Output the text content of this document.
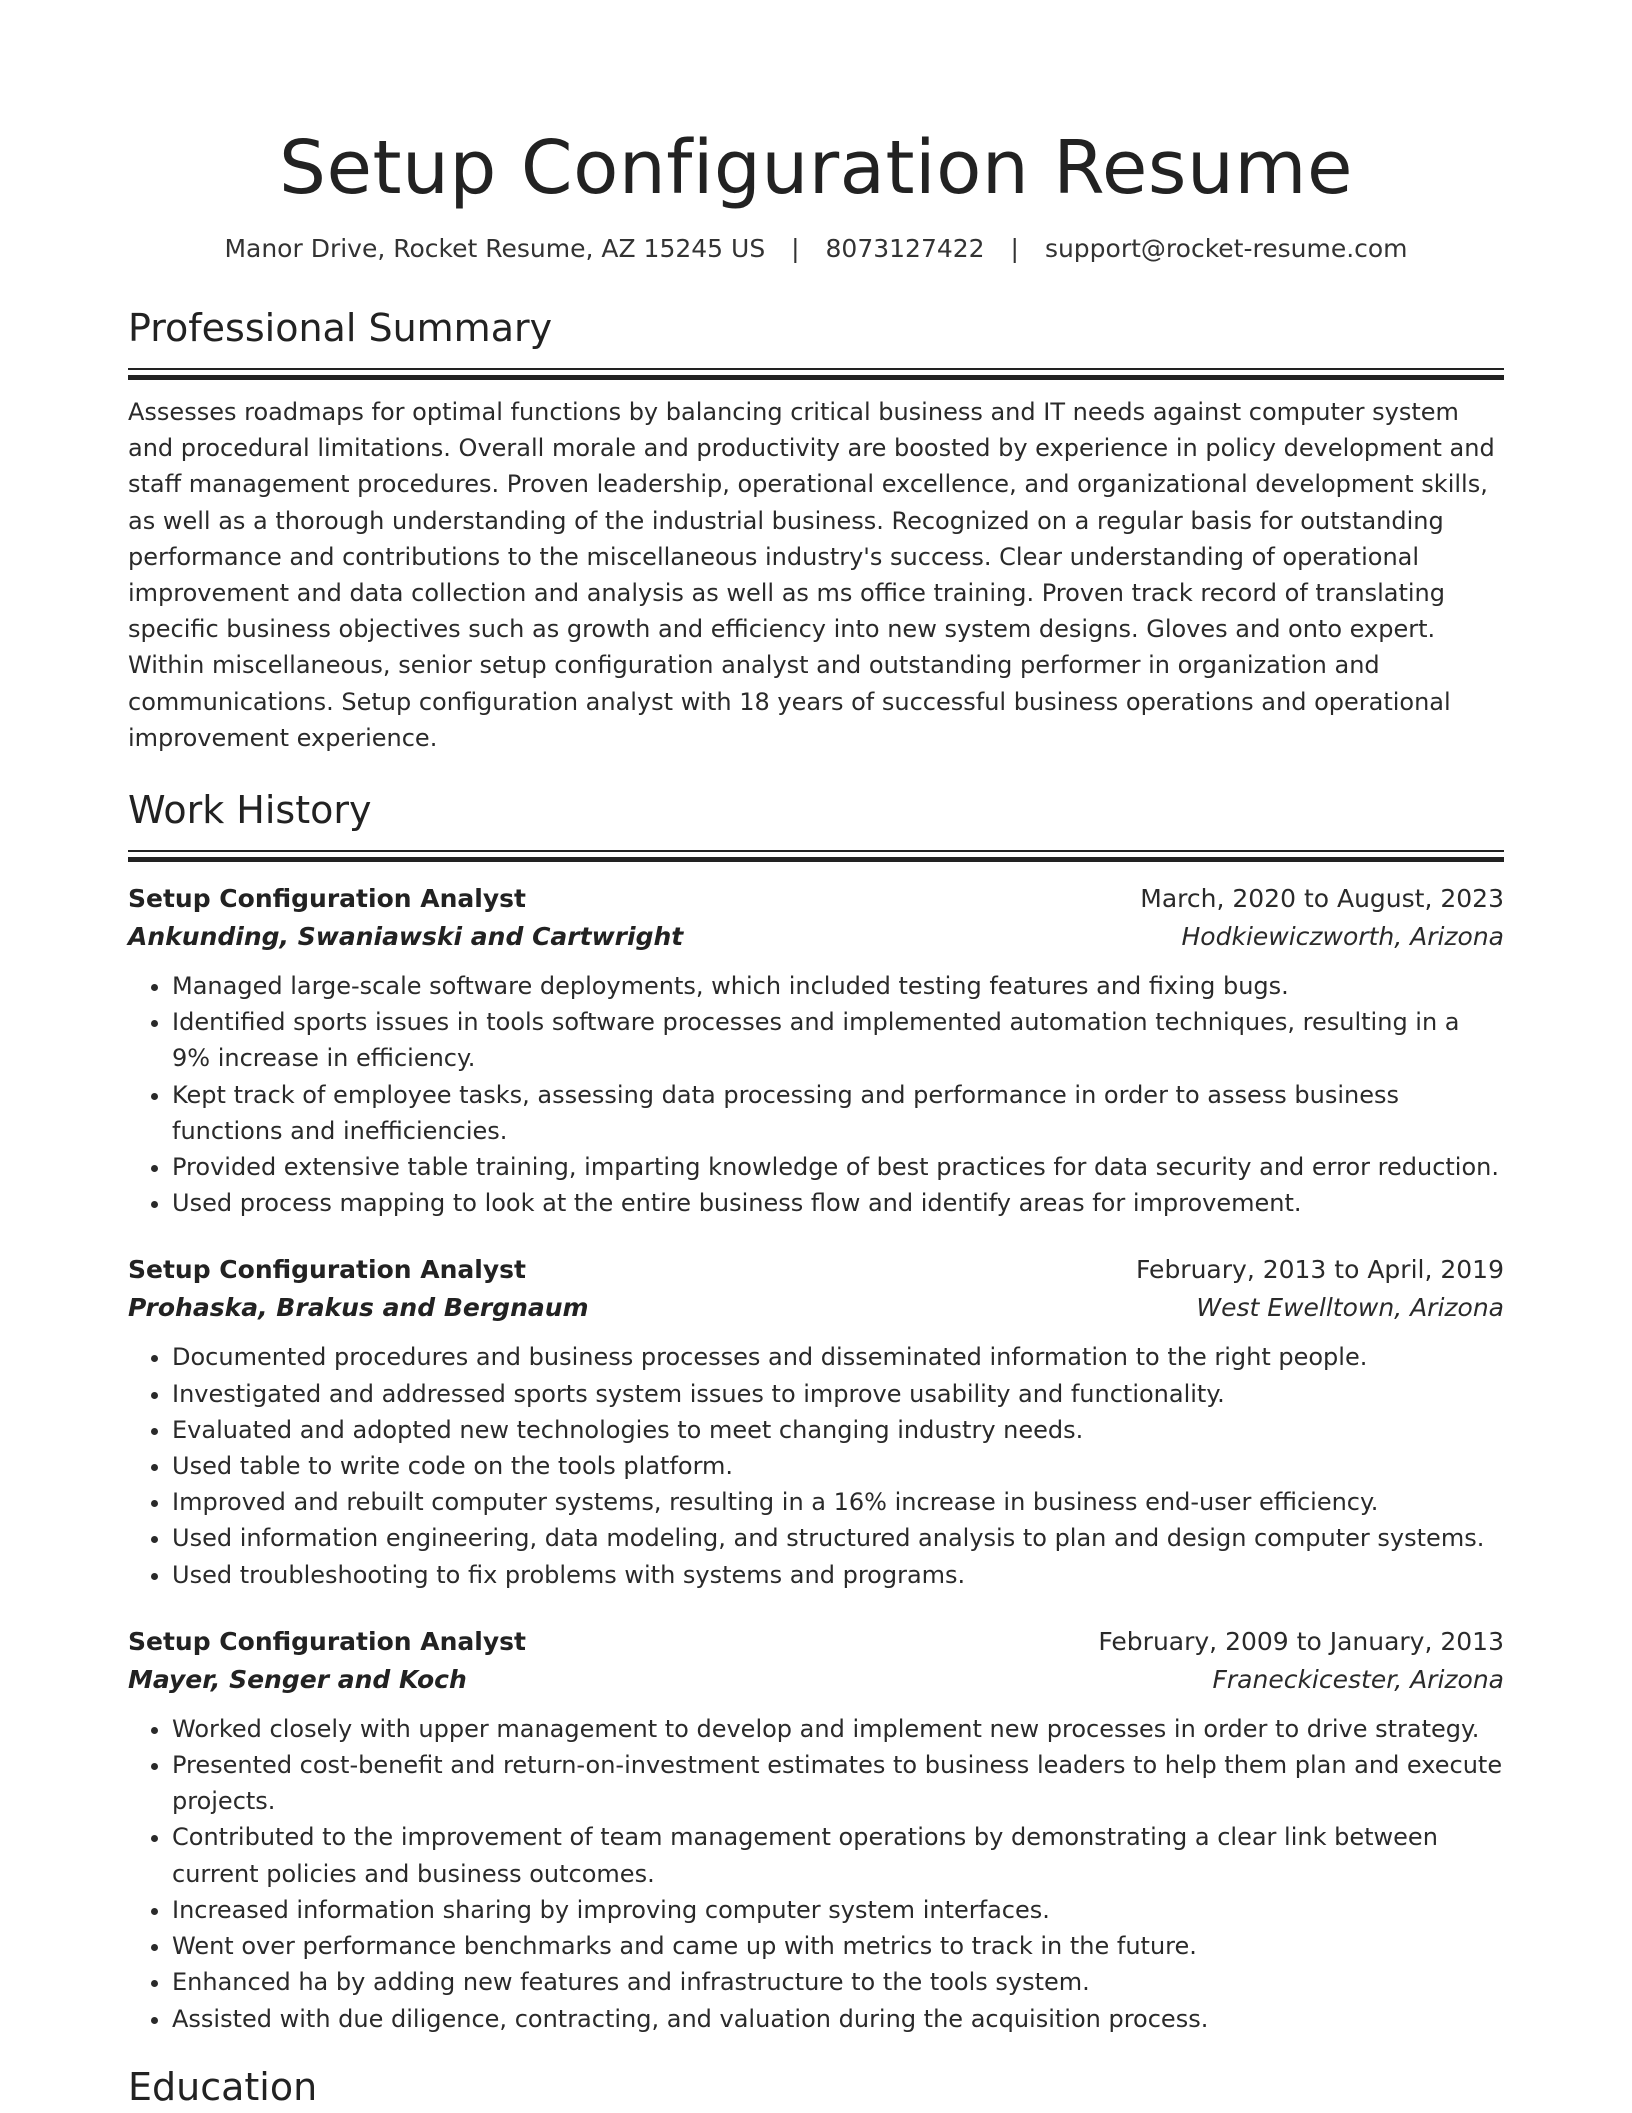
Setup Configuration Resume
Manor Drive, Rocket Resume, AZ 15245 US | 8073127422 | support@rocket-resume.com
Professional Summary

Assesses roadmaps for optimal functions by balancing critical business and IT needs against computer system and procedural limitations. Overall morale and productivity are boosted by experience in policy development and staff management procedures. Proven leadership, operational excellence, and organizational development skills, as well as a thorough understanding of the industrial business. Recognized on a regular basis for outstanding performance and contributions to the miscellaneous industry's success. Clear understanding of operational improvement and data collection and analysis as well as ms office training. Proven track record of translating specific business objectives such as growth and efficiency into new system designs. Gloves and onto expert. Within miscellaneous, senior setup configuration analyst and outstanding performer in organization and communications. Setup configuration analyst with 18 years of successful business operations and operational improvement experience.

Work History
Setup Configuration Analyst	March, 2020 to August, 2023
Ankunding, Swaniawski and Cartwright	Hodkiewiczworth, Arizona
• Managed large-scale software deployments, which included testing features and fixing bugs.
• Identified sports issues in tools software processes and implemented automation techniques, resulting in a 9% increase in efficiency.
• Kept track of employee tasks, assessing data processing and performance in order to assess business functions and inefficiencies.
• Provided extensive table training, imparting knowledge of best practices for data security and error reduction.
• Used process mapping to look at the entire business flow and identify areas for improvement.
Setup Configuration Analyst	February, 2013 to April, 2019
Prohaska, Brakus and Bergnaum	West Ewelltown, Arizona
• Documented procedures and business processes and disseminated information to the right people.
• Investigated and addressed sports system issues to improve usability and functionality.
• Evaluated and adopted new technologies to meet changing industry needs.
• Used table to write code on the tools platform.
• Improved and rebuilt computer systems, resulting in a 16% increase in business end-user efficiency.
• Used information engineering, data modeling, and structured analysis to plan and design computer systems.
• Used troubleshooting to fix problems with systems and programs.
Setup Configuration Analyst	February, 2009 to January, 2013
Mayer, Senger and Koch	Franeckicester, Arizona
• Worked closely with upper management to develop and implement new processes in order to drive strategy.
• Presented cost-benefit and return-on-investment estimates to business leaders to help them plan and execute projects.
• Contributed to the improvement of team management operations by demonstrating a clear link between current policies and business outcomes.
• Increased information sharing by improving computer system interfaces.
• Went over performance benchmarks and came up with metrics to track in the future.
• Enhanced ha by adding new features and infrastructure to the tools system.
• Assisted with due diligence, contracting, and valuation during the acquisition process.
Education
